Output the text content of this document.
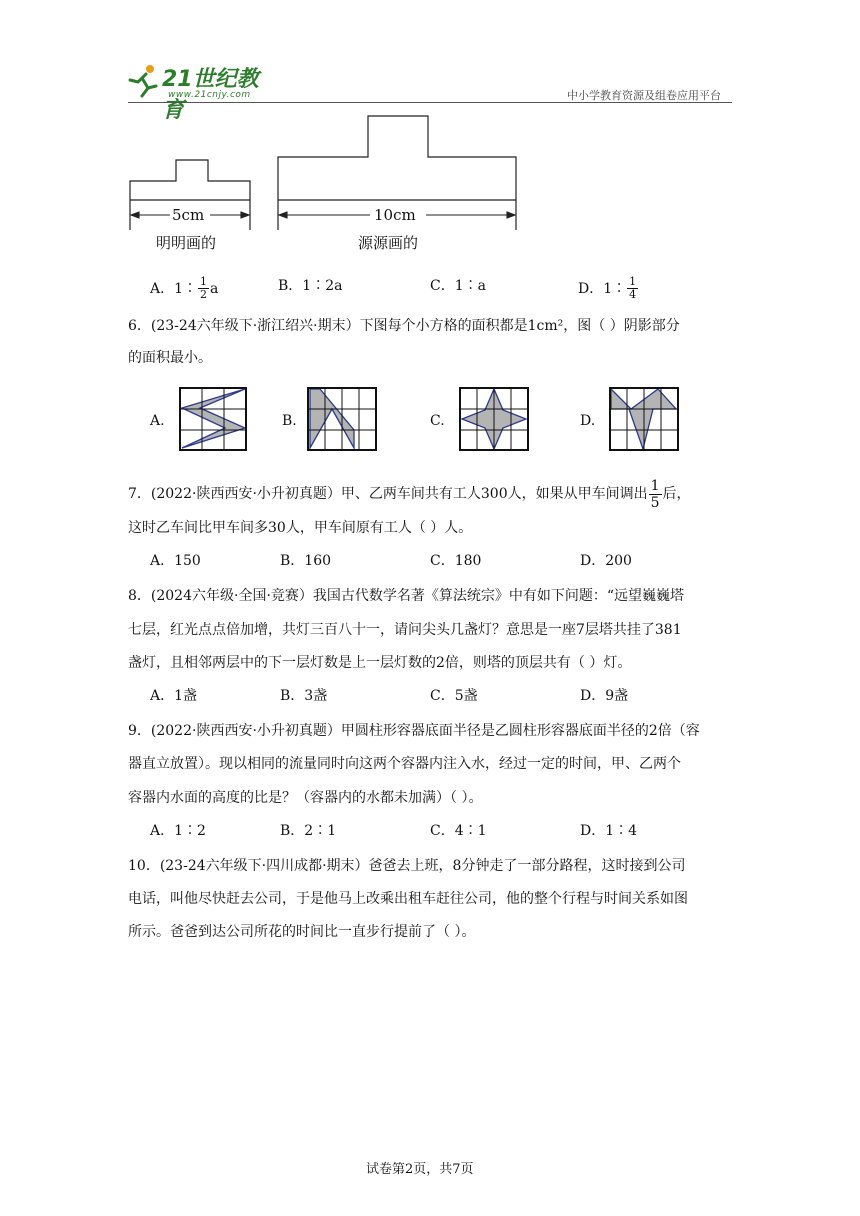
21世纪教育
www.21cnjy.com	中小学教育资源及组卷应用平台
5cm
明明画的
10cm
源源画的
A．1∶ $\frac{1}{2}$ a	B．1∶2a	C．1∶a	D．1∶ $\frac{1}{4}$
6．(23-24六年级下·浙江绍兴·期末）下图每个小方格的面积都是1cm²，图（ ）阴影部分
的面积最小。
A.	B.	C.	D.
7．(2022·陕西西安·小升初真题）甲、乙两车间共有工人300人，如果从甲车间调出 $\frac{1}{5}$ 后，
这时乙车间比甲车间多30人，甲车间原有工人（ ）人。
A．150	B．160	C．180	D．200
8．(2024六年级·全国·竞赛）我国古代数学名著《算法统宗》中有如下问题：“远望巍巍塔
七层，红光点点倍加增，共灯三百八十一，请问尖头几盏灯？意思是一座7层塔共挂了381
盏灯，且相邻两层中的下一层灯数是上一层灯数的2倍，则塔的顶层共有（ ）灯。
A．1盏	B．3盏	C．5盏	D．9盏
9．(2022·陕西西安·小升初真题）甲圆柱形容器底面半径是乙圆柱形容器底面半径的2倍（容
器直立放置）。现以相同的流量同时向这两个容器内注入水，经过一定的时间，甲、乙两个
容器内水面的高度的比是？（容器内的水都未加满）（ ）。
A．1∶2	B．2∶1	C．4∶1	D．1∶4
10．(23-24六年级下·四川成都·期末）爸爸去上班，8分钟走了一部分路程，这时接到公司
电话，叫他尽快赶去公司，于是他马上改乘出租车赶往公司，他的整个行程与时间关系如图
所示。爸爸到达公司所花的时间比一直步行提前了（ ）。
试卷第2页，共7页
